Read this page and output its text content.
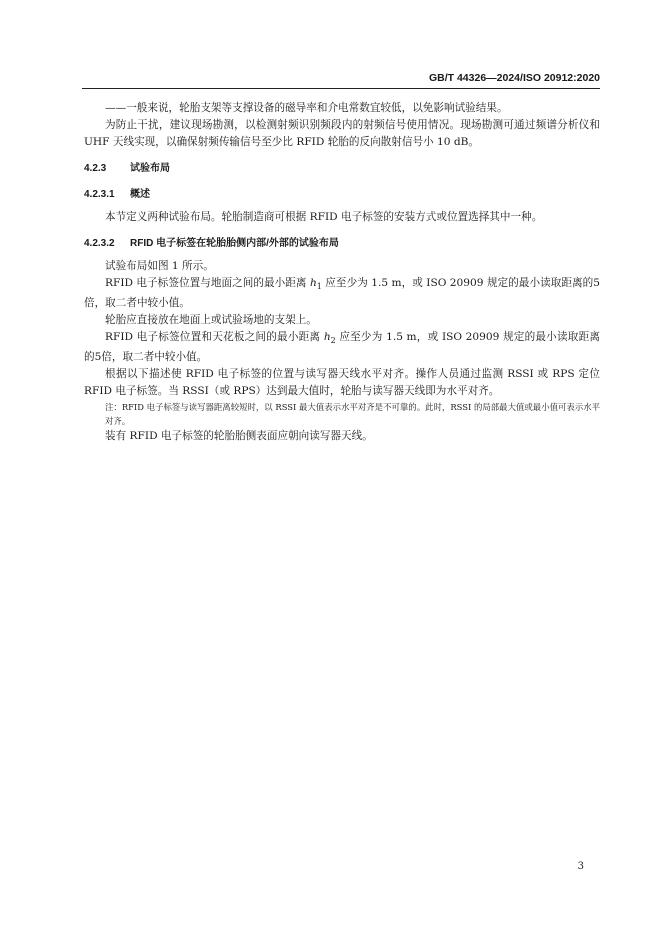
GB/T 44326—2024/ISO 20912:2020

——一般来说，轮胎支架等支撑设备的磁导率和介电常数宜较低，以免影响试验结果。

为防止干扰，建议现场勘测，以检测射频识别频段内的射频信号使用情况。现场勘测可通过频谱分析仪和UHF 天线实现，以确保射频传输信号至少比 RFID 轮胎的反向散射信号小 10 dB。

4.2.3 试验布局
4.2.3.1 概述

本节定义两种试验布局。轮胎制造商可根据 RFID 电子标签的安装方式或位置选择其中一种。

4.2.3.2 RFID 电子标签在轮胎胎侧内部/外部的试验布局

试验布局如图 1 所示。

RFID 电子标签位置与地面之间的最小距离 $h_1$ 应至少为 1.5 m，或 ISO 20909 规定的最小读取距离的5倍，取二者中较小值。

轮胎应直接放在地面上或试验场地的支架上。

RFID 电子标签位置和天花板之间的最小距离 $h_2$ 应至少为 1.5 m，或 ISO 20909 规定的最小读取距离的5倍，取二者中较小值。

根据以下描述使 RFID 电子标签的位置与读写器天线水平对齐。操作人员通过监测 RSSI 或 RPS 定位 RFID 电子标签。当 RSSI（或 RPS）达到最大值时，轮胎与读写器天线即为水平对齐。

注：RFID 电子标签与读写器距离较短时，以 RSSI 最大值表示水平对齐是不可靠的。此时，RSSI 的局部最大值或最小值可表示水平对齐。

装有 RFID 电子标签的轮胎胎侧表面应朝向读写器天线。

3
